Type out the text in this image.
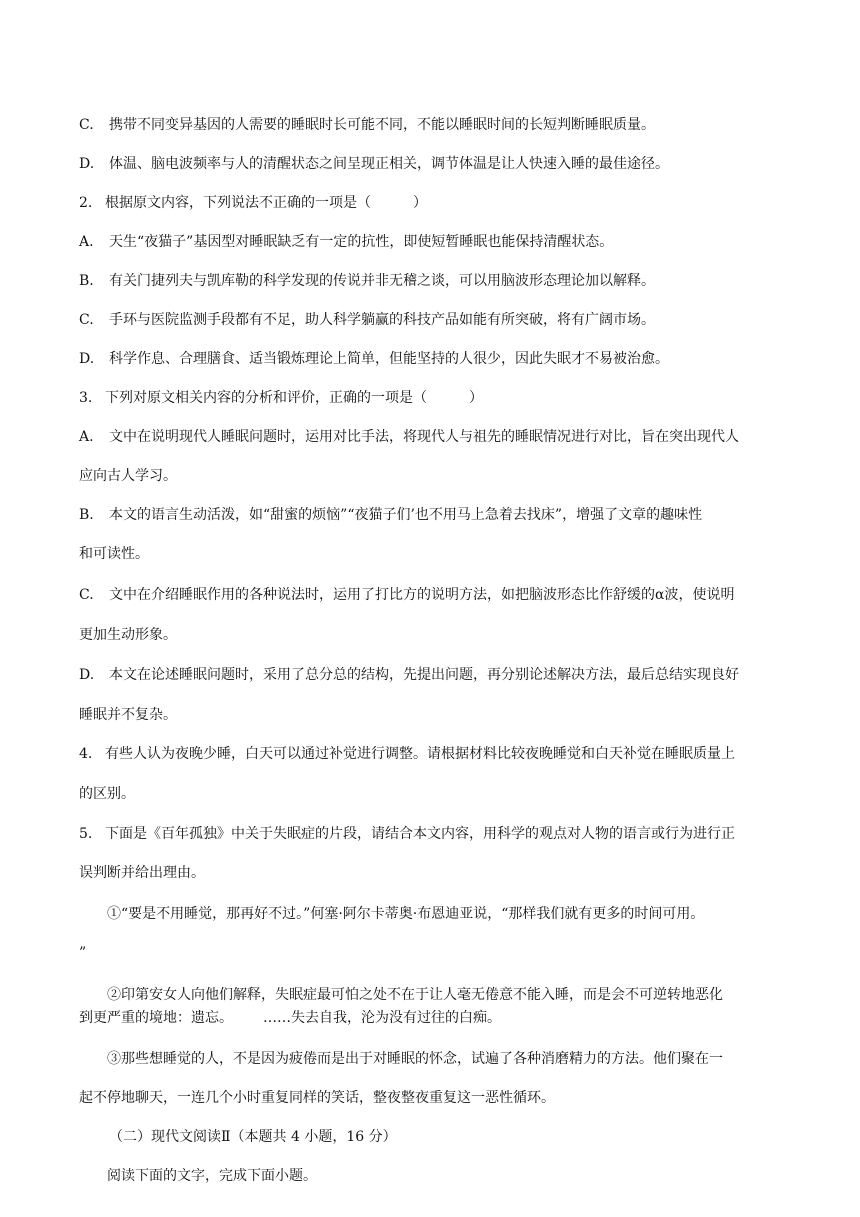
C. 携带不同变异基因的人需要的睡眠时长可能不同，不能以睡眠时间的长短判断睡眠质量。
D. 体温、脑电波频率与人的清醒状态之间呈现正相关，调节体温是让人快速入睡的最佳途径。
2. 根据原文内容，下列说法不正确的一项是（	）
A. 天生“夜猫子”基因型对睡眠缺乏有一定的抗性，即使短暂睡眠也能保持清醒状态。
B. 有关门捷列夫与凯库勒的科学发现的传说并非无稽之谈，可以用脑波形态理论加以解释。
C. 手环与医院监测手段都有不足，助人科学躺赢的科技产品如能有所突破，将有广阔市场。
D. 科学作息、合理膳食、适当锻炼理论上简单，但能坚持的人很少，因此失眠才不易被治愈。
3. 下列对原文相关内容的分析和评价，正确的一项是（	）
A. 文中在说明现代人睡眠问题时，运用对比手法，将现代人与祖先的睡眠情况进行对比，旨在突出现代人
应向古人学习。
B. 本文的语言生动活泼，如“甜蜜的烦恼”“夜猫子们’也不用马上急着去找床”，增强了文章的趣味性
和可读性。
C. 文中在介绍睡眠作用的各种说法时，运用了打比方的说明方法，如把脑波形态比作舒缓的α波，使说明
更加生动形象。
D. 本文在论述睡眠问题时，采用了总分总的结构，先提出问题，再分别论述解决方法，最后总结实现良好
睡眠并不复杂。
4. 有些人认为夜晚少睡，白天可以通过补觉进行调整。请根据材料比较夜晚睡觉和白天补觉在睡眠质量上
的区别。
5. 下面是《百年孤独》中关于失眠症的片段，请结合本文内容，用科学的观点对人物的语言或行为进行正
误判断并给出理由。
①“要是不用睡觉，那再好不过。”何塞·阿尔卡蒂奥·布恩迪亚说，“那样我们就有更多的时间可用。
”
②印第安女人向他们解释，失眠症最可怕之处不在于让人毫无倦意不能入睡，而是会不可逆转地恶化
到更严重的境地：遗忘。 ……失去自我，沦为没有过往的白痴。
③那些想睡觉的人，不是因为疲倦而是出于对睡眠的怀念，试遍了各种消磨精力的方法。他们聚在一
起不停地聊天，一连几个小时重复同样的笑话，整夜整夜重复这一恶性循环。
（二）现代文阅读Ⅱ（本题共 4 小题，16 分）
阅读下面的文字，完成下面小题。
